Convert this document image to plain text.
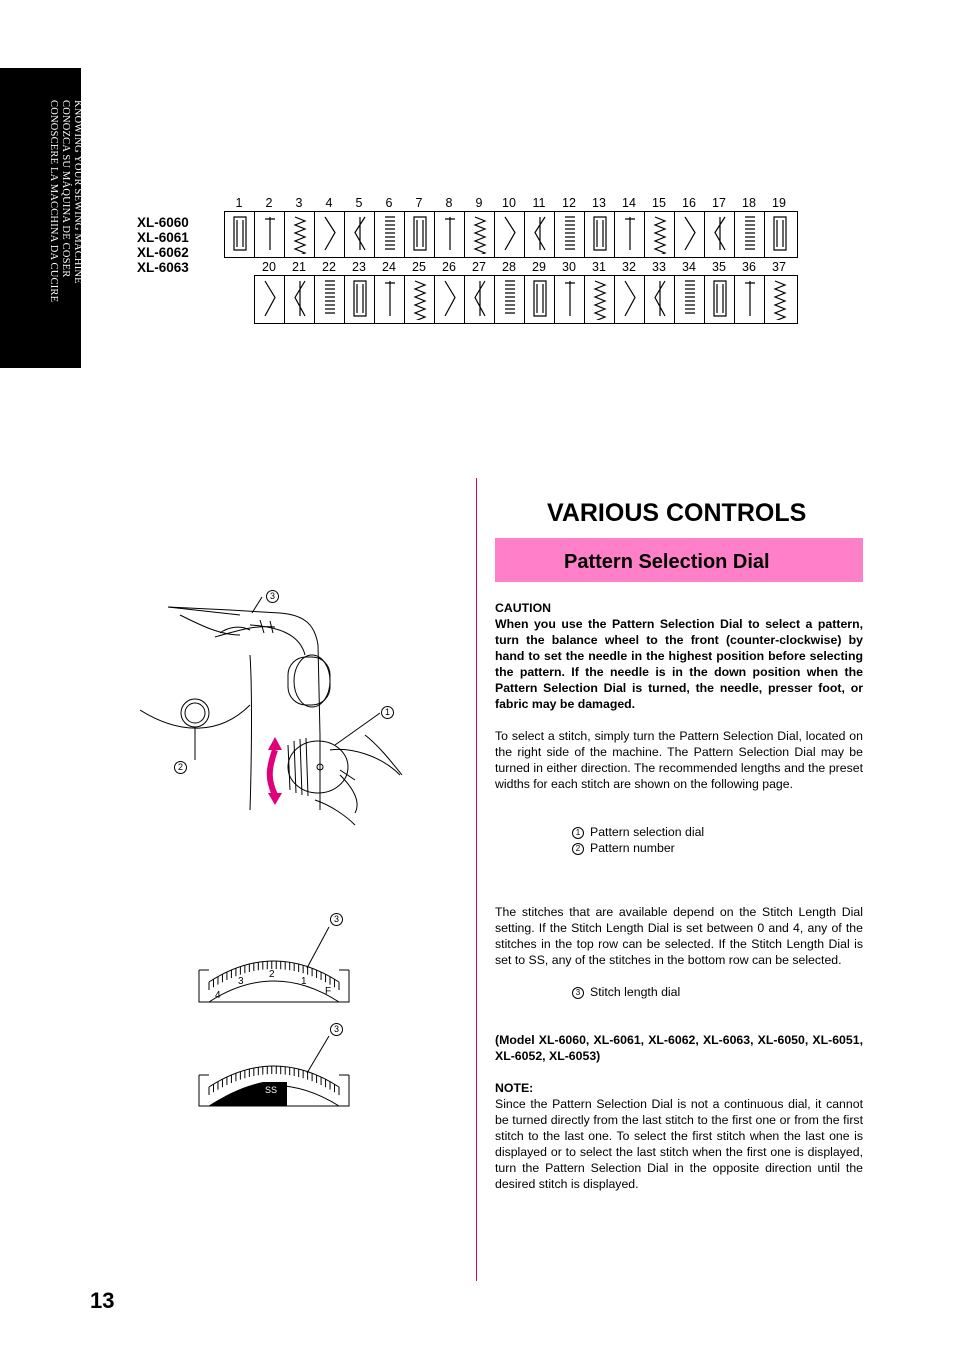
KNOWING YOUR SEWING MACHINE
CONOZCA SU MÁQUINA DE COSER
CONOSCERE LA MACCHINA DA CUCIRE	XL-6060
XL-6061
XL-6062
XL-6063
1	2	3	4	5	6	7	8	9	10	11	12	13	14	15	16	17	18	19
20	21	22	23	24	25	26	27	28	29	30	31	32	33	34	35	36	37
3
1
2
4
3
2
1
F
3
SS
3
VARIOUS CONTROLS
Pattern Selection Dial
CAUTION
When you use the Pattern Selection Dial to select a pattern, turn the balance wheel to the front (counter-clockwise) by hand to set the needle in the highest position before selecting the pattern. If the needle is in the down position when the Pattern Selection Dial is turned, the needle, presser foot, or fabric may be damaged.
To select a stitch, simply turn the Pattern Selection Dial, located on the right side of the machine. The Pattern Selection Dial may be turned in either direction. The recommended lengths and the preset widths for each stitch are shown on the following page.
1 Pattern selection dial
2 Pattern number
The stitches that are available depend on the Stitch Length Dial setting. If the Stitch Length Dial is set between 0 and 4, any of the stitches in the top row can be selected. If the Stitch Length Dial is set to SS, any of the stitches in the bottom row can be selected.
3 Stitch length dial
(Model XL-6060, XL-6061, XL-6062, XL-6063, XL-6050, XL-6051, XL-6052, XL-6053)
NOTE:
Since the Pattern Selection Dial is not a continuous dial, it cannot be turned directly from the last stitch to the first one or from the first stitch to the last one. To select the first stitch when the last one is displayed or to select the last stitch when the first one is displayed, turn the Pattern Selection Dial in the opposite direction until the desired stitch is displayed.
13
